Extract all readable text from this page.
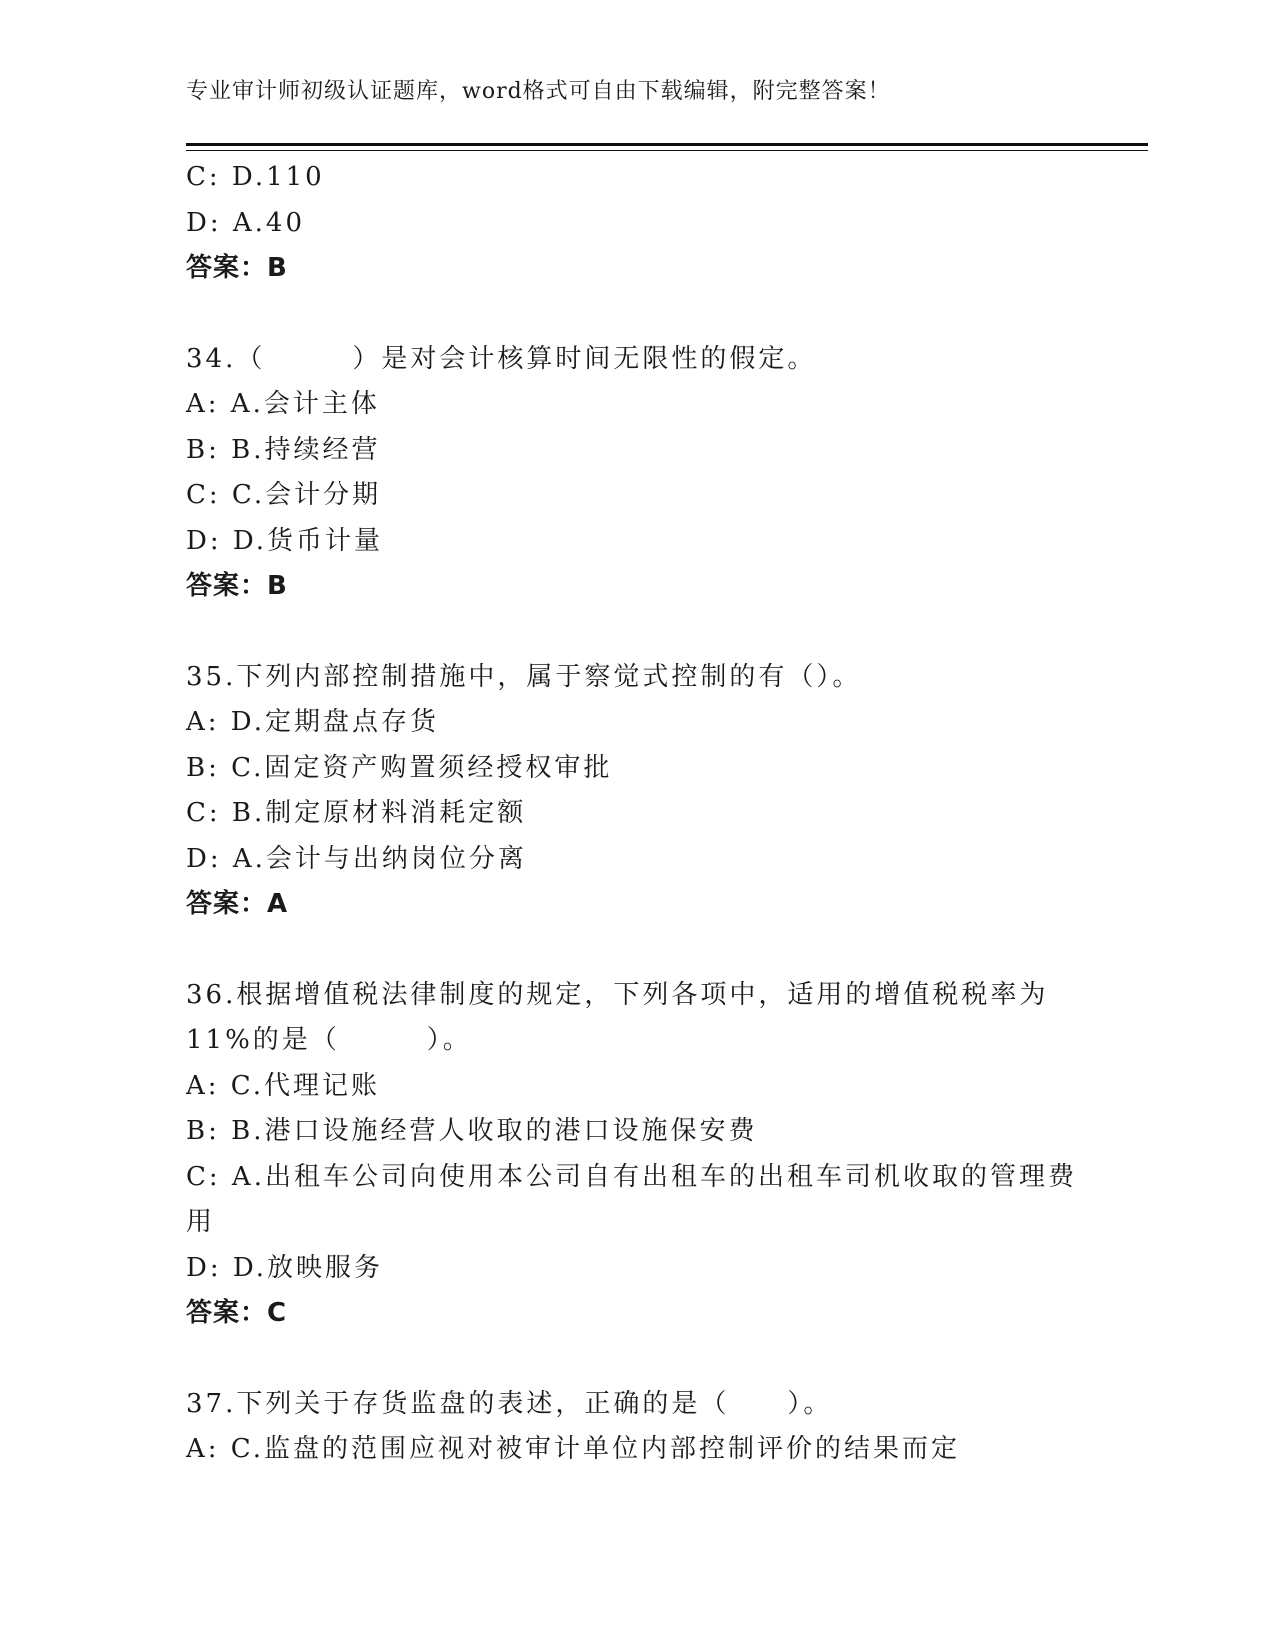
专业审计师初级认证题库，word格式可自由下载编辑，附完整答案！
C: D.110
D: A.40
答案：B
34.（　　　）是对会计核算时间无限性的假定。
A: A.会计主体
B: B.持续经营
C: C.会计分期
D: D.货币计量
答案：B
35.下列内部控制措施中，属于察觉式控制的有（）。
A: D.定期盘点存货
B: C.固定资产购置须经授权审批
C: B.制定原材料消耗定额
D: A.会计与出纳岗位分离
答案：A
36.根据增值税法律制度的规定，下列各项中，适用的增值税税率为
11%的是（　　　）。
A: C.代理记账
B: B.港口设施经营人收取的港口设施保安费
C: A.出租车公司向使用本公司自有出租车的出租车司机收取的管理费
用
D: D.放映服务
答案：C
37.下列关于存货监盘的表述，正确的是（　　）。
A: C.监盘的范围应视对被审计单位内部控制评价的结果而定
